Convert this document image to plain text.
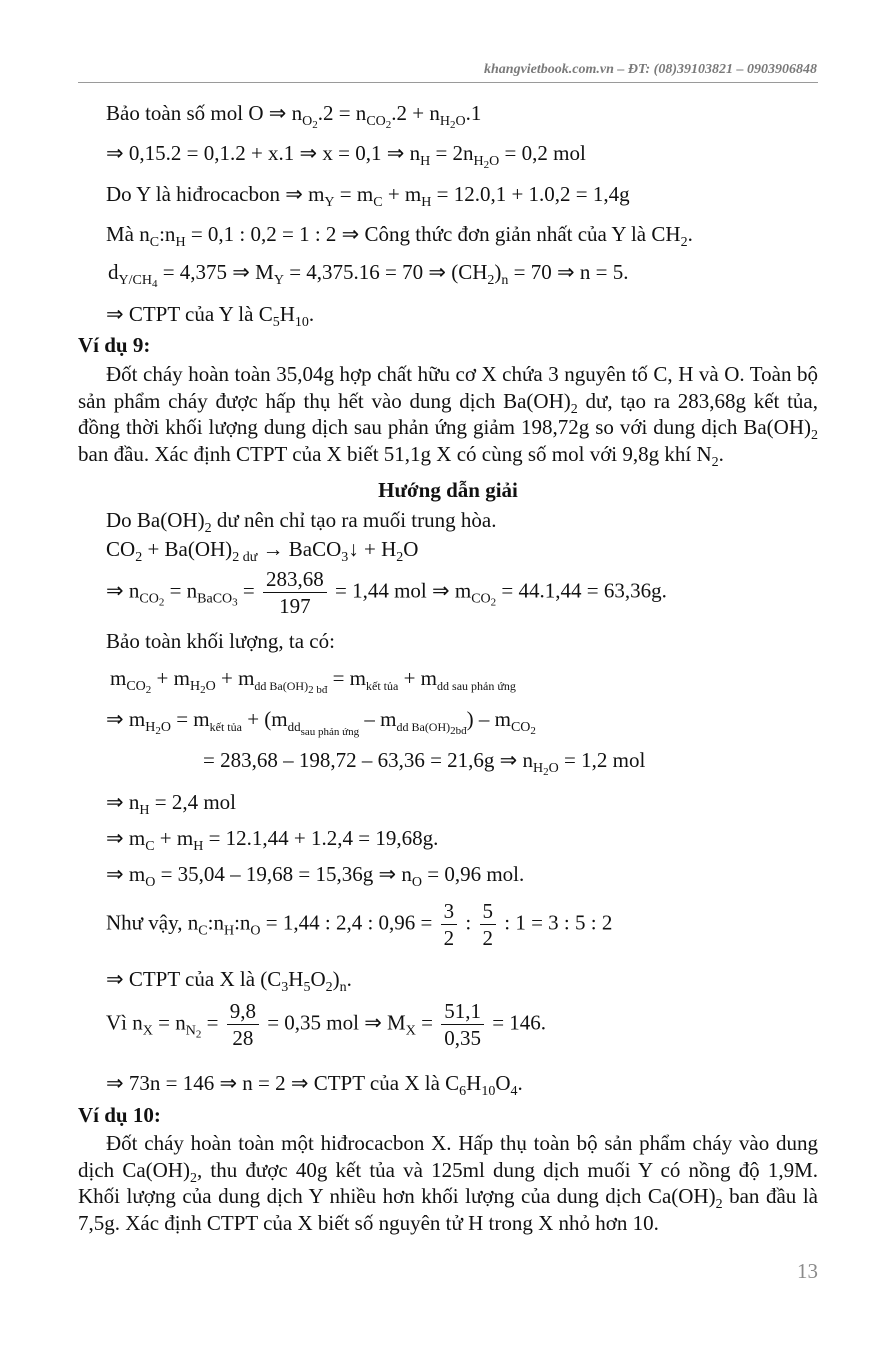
khangvietbook.com.vn – ĐT: (08)39103821 – 0903906848
Bảo toàn số mol O ⇒ $n_{O2}.2 = n_{CO2}.2 + n_{H2O}.1$
⇒ 0,15.2 = 0,1.2 + x.1 ⇒ x = 0,1 ⇒ $n_H = 2n_{H2O} = 0,2$ mol
Do Y là hiđrocacbon ⇒ $m_Y = m_C + m_H = 12.0,1 + 1.0,2 = 1,4g$
Mà $n_C:n_H = 0,1$ : 0,2 = 1 : 2 ⇒ Công thức đơn giản nhất của Y là $CH_2$.
$d_{Y/CH4} = 4,375$ ⇒ $M_Y = 4,375.16 = 70$ ⇒ $(CH_2)_n = 70$ ⇒ n = 5.
⇒ CTPT của Y là $C_5H_{10}$.
Ví dụ 9:
Đốt cháy hoàn toàn 35,04g hợp chất hữu cơ X chứa 3 nguyên tố C, H và O. Toàn bộ sản phẩm cháy được hấp thụ hết vào dung dịch $Ba(OH)_2$ dư, tạo ra 283,68g kết tủa, đồng thời khối lượng dung dịch sau phản ứng giảm 198,72g so với dung dịch $Ba(OH)_2$ ban đầu. Xác định CTPT của X biết 51,1g X có cùng số mol với 9,8g khí $N_2$.
Hướng dẫn giải
Do $Ba(OH)_2$ dư nên chỉ tạo ra muối trung hòa.
$CO_2 + Ba(OH)_{2 dư}$ → BaCO$_3$↓ + $H_2O$
⇒ $n_{CO2} = n_{BaCO3} = \frac{283,68}{197} = 1,44$ mol ⇒ $m_{CO2} = 44.1,44 = 63,36g$.
Bảo toàn khối lượng, ta có:
$m_{CO2} + m_{H2O} + m_{dd Ba(OH)2 bđ} = m_{kết tủa} + m_{dd sau phản ứng}$
⇒ $m_{H2O} = m_{kết tủa} + (m_{ddsau phản ứng} - m_{dd Ba(OH)2bđ}) - m_{CO2}$
= 283,68 – 198,72 – 63,36 = 21,6g ⇒ $n_{H2O} = 1,2$ mol
⇒ $n_H = 2,4$ mol
⇒ $m_C + m_H = 12.1,44 + 1.2,4 = 19,68g$.
⇒ $m_O = 35,04 - 19,68 = 15,36g$ ⇒ $n_O = 0,96$ mol.
Như vậy, $n_C:n_H:n_O = 1,44$ : 2,4 : $0,96 = \frac{3}{2}$ : $\frac{5}{2}$ : 1 = 3 : 5 : 2
⇒ CTPT của X là $(C_3H_5O_2)_n$.
Vì $n_X = n_{N2} = \frac{9,8}{28} = 0,35$ mol ⇒ $M_X = \frac{51,1}{0,35} = 146$.
⇒ 73n = 146 ⇒ n = 2 ⇒ CTPT của X là $C_6H_{10}O_4$.
Ví dụ 10:
Đốt cháy hoàn toàn một hiđrocacbon X. Hấp thụ toàn bộ sản phẩm cháy vào dung dịch $Ca(OH)_2$, thu được 40g kết tủa và 125ml dung dịch muối Y có nồng độ 1,9M. Khối lượng của dung dịch Y nhiều hơn khối lượng của dung dịch $Ca(OH)_2$ ban đầu là 7,5g. Xác định CTPT của X biết số nguyên tử H trong X nhỏ hơn 10.
13
